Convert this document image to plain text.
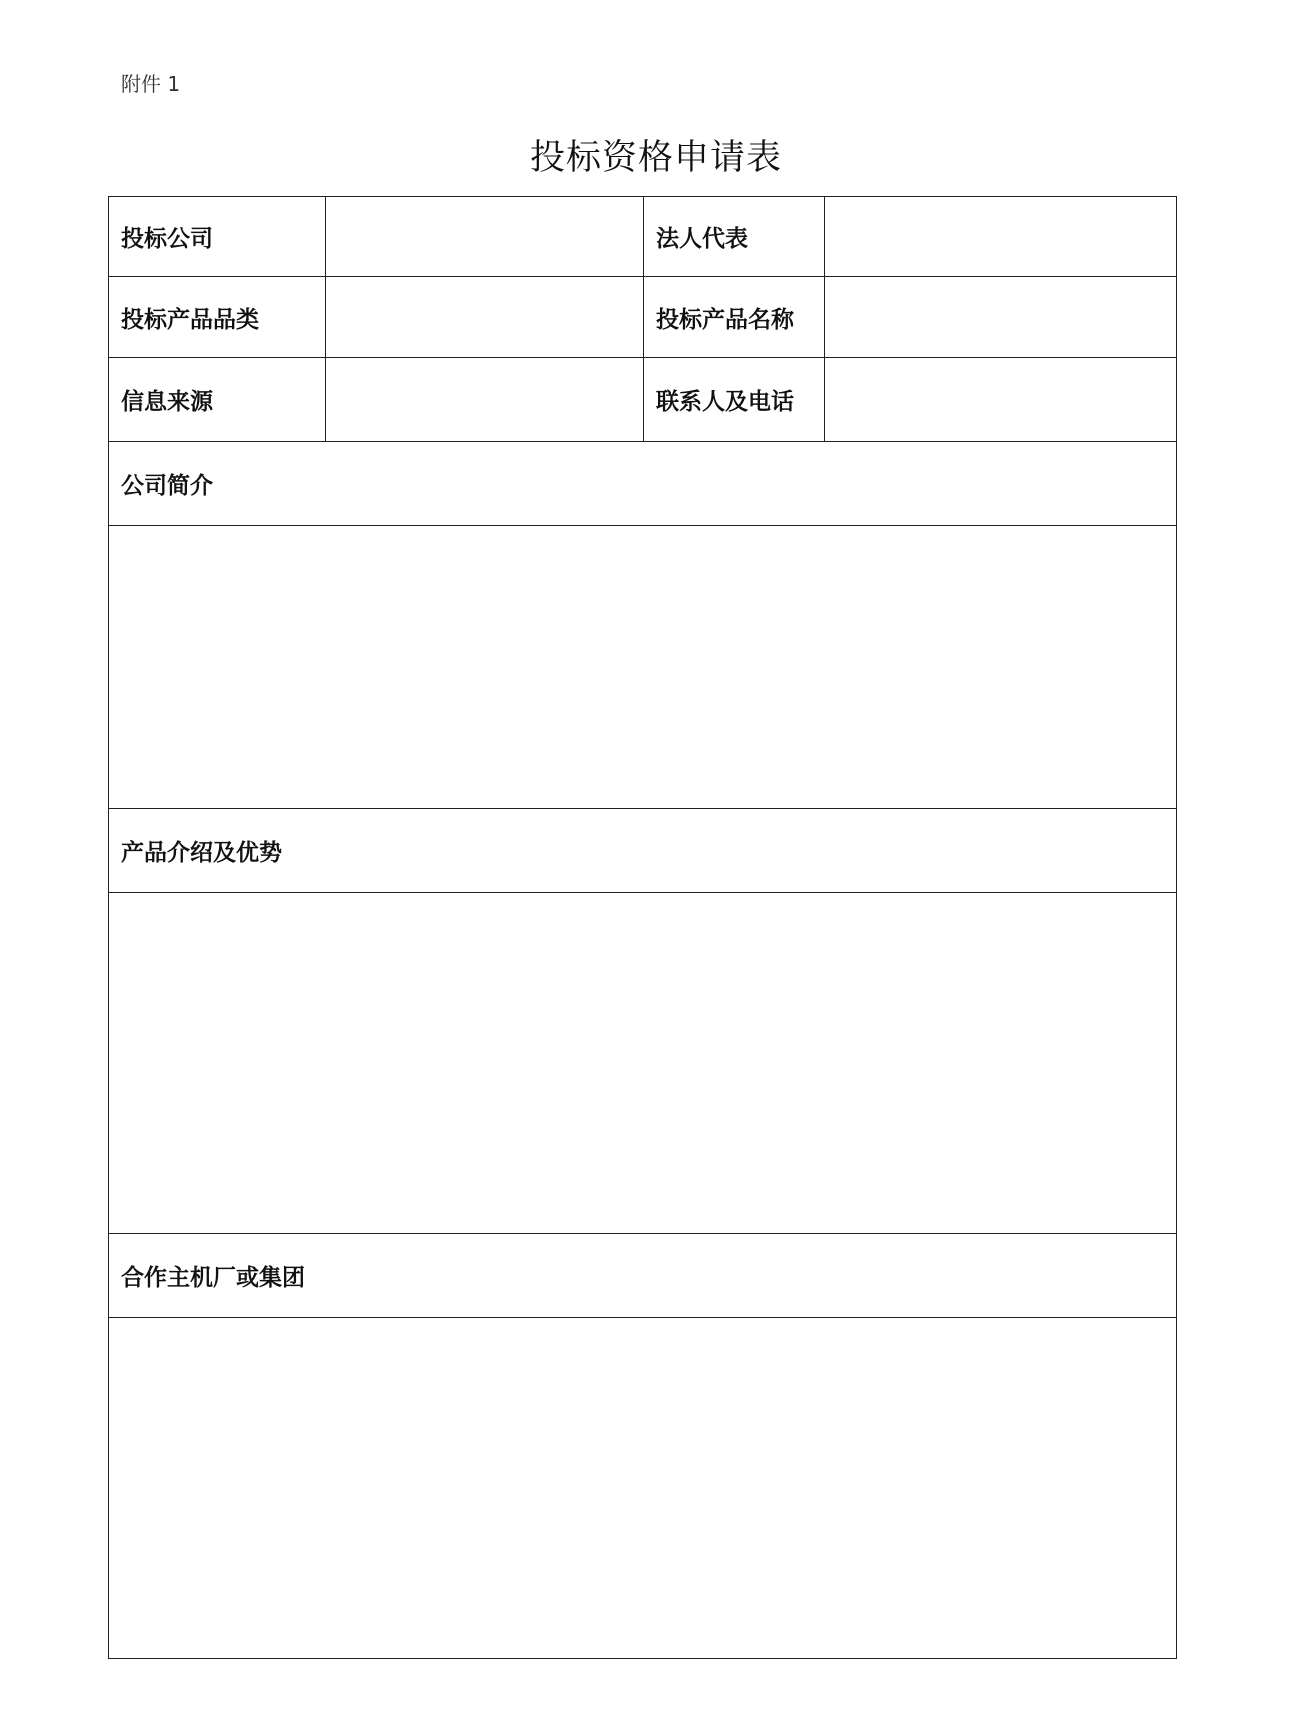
附件 1
投标资格申请表
投标公司		法人代表	
投标产品品类		投标产品名称	
信息来源		联系人及电话	
公司简介			

产品介绍及优势			

合作主机厂或集团			
